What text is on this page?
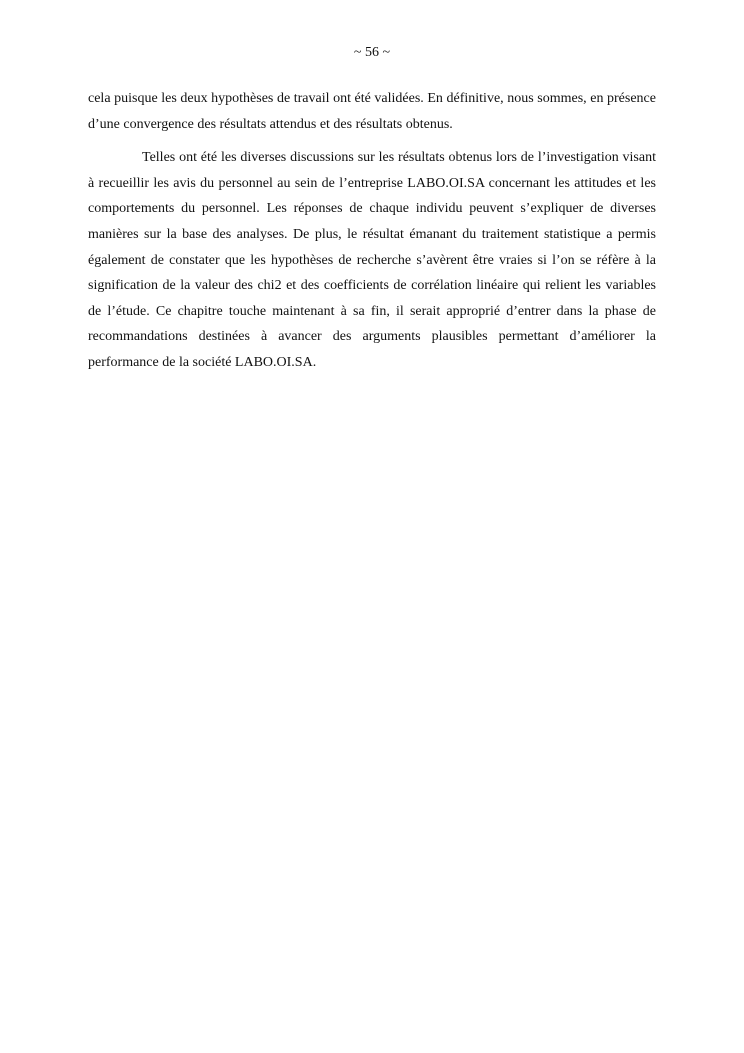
~ 56 ~

cela puisque les deux hypothèses de travail ont été validées. En définitive, nous sommes, en présence d’une convergence des résultats attendus et des résultats obtenus.

Telles ont été les diverses discussions sur les résultats obtenus lors de l’investigation visant à recueillir les avis du personnel au sein de l’entreprise LABO.OI.SA concernant les attitudes et les comportements du personnel. Les réponses de chaque individu peuvent s’expliquer de diverses manières sur la base des analyses. De plus, le résultat émanant du traitement statistique a permis également de constater que les hypothèses de recherche s’avèrent être vraies si l’on se réfère à la signification de la valeur des chi2 et des coefficients de corrélation linéaire qui relient les variables de l’étude. Ce chapitre touche maintenant à sa fin, il serait approprié d’entrer dans la phase de recommandations destinées à avancer des arguments plausibles permettant d’améliorer la performance de la société LABO.OI.SA.
